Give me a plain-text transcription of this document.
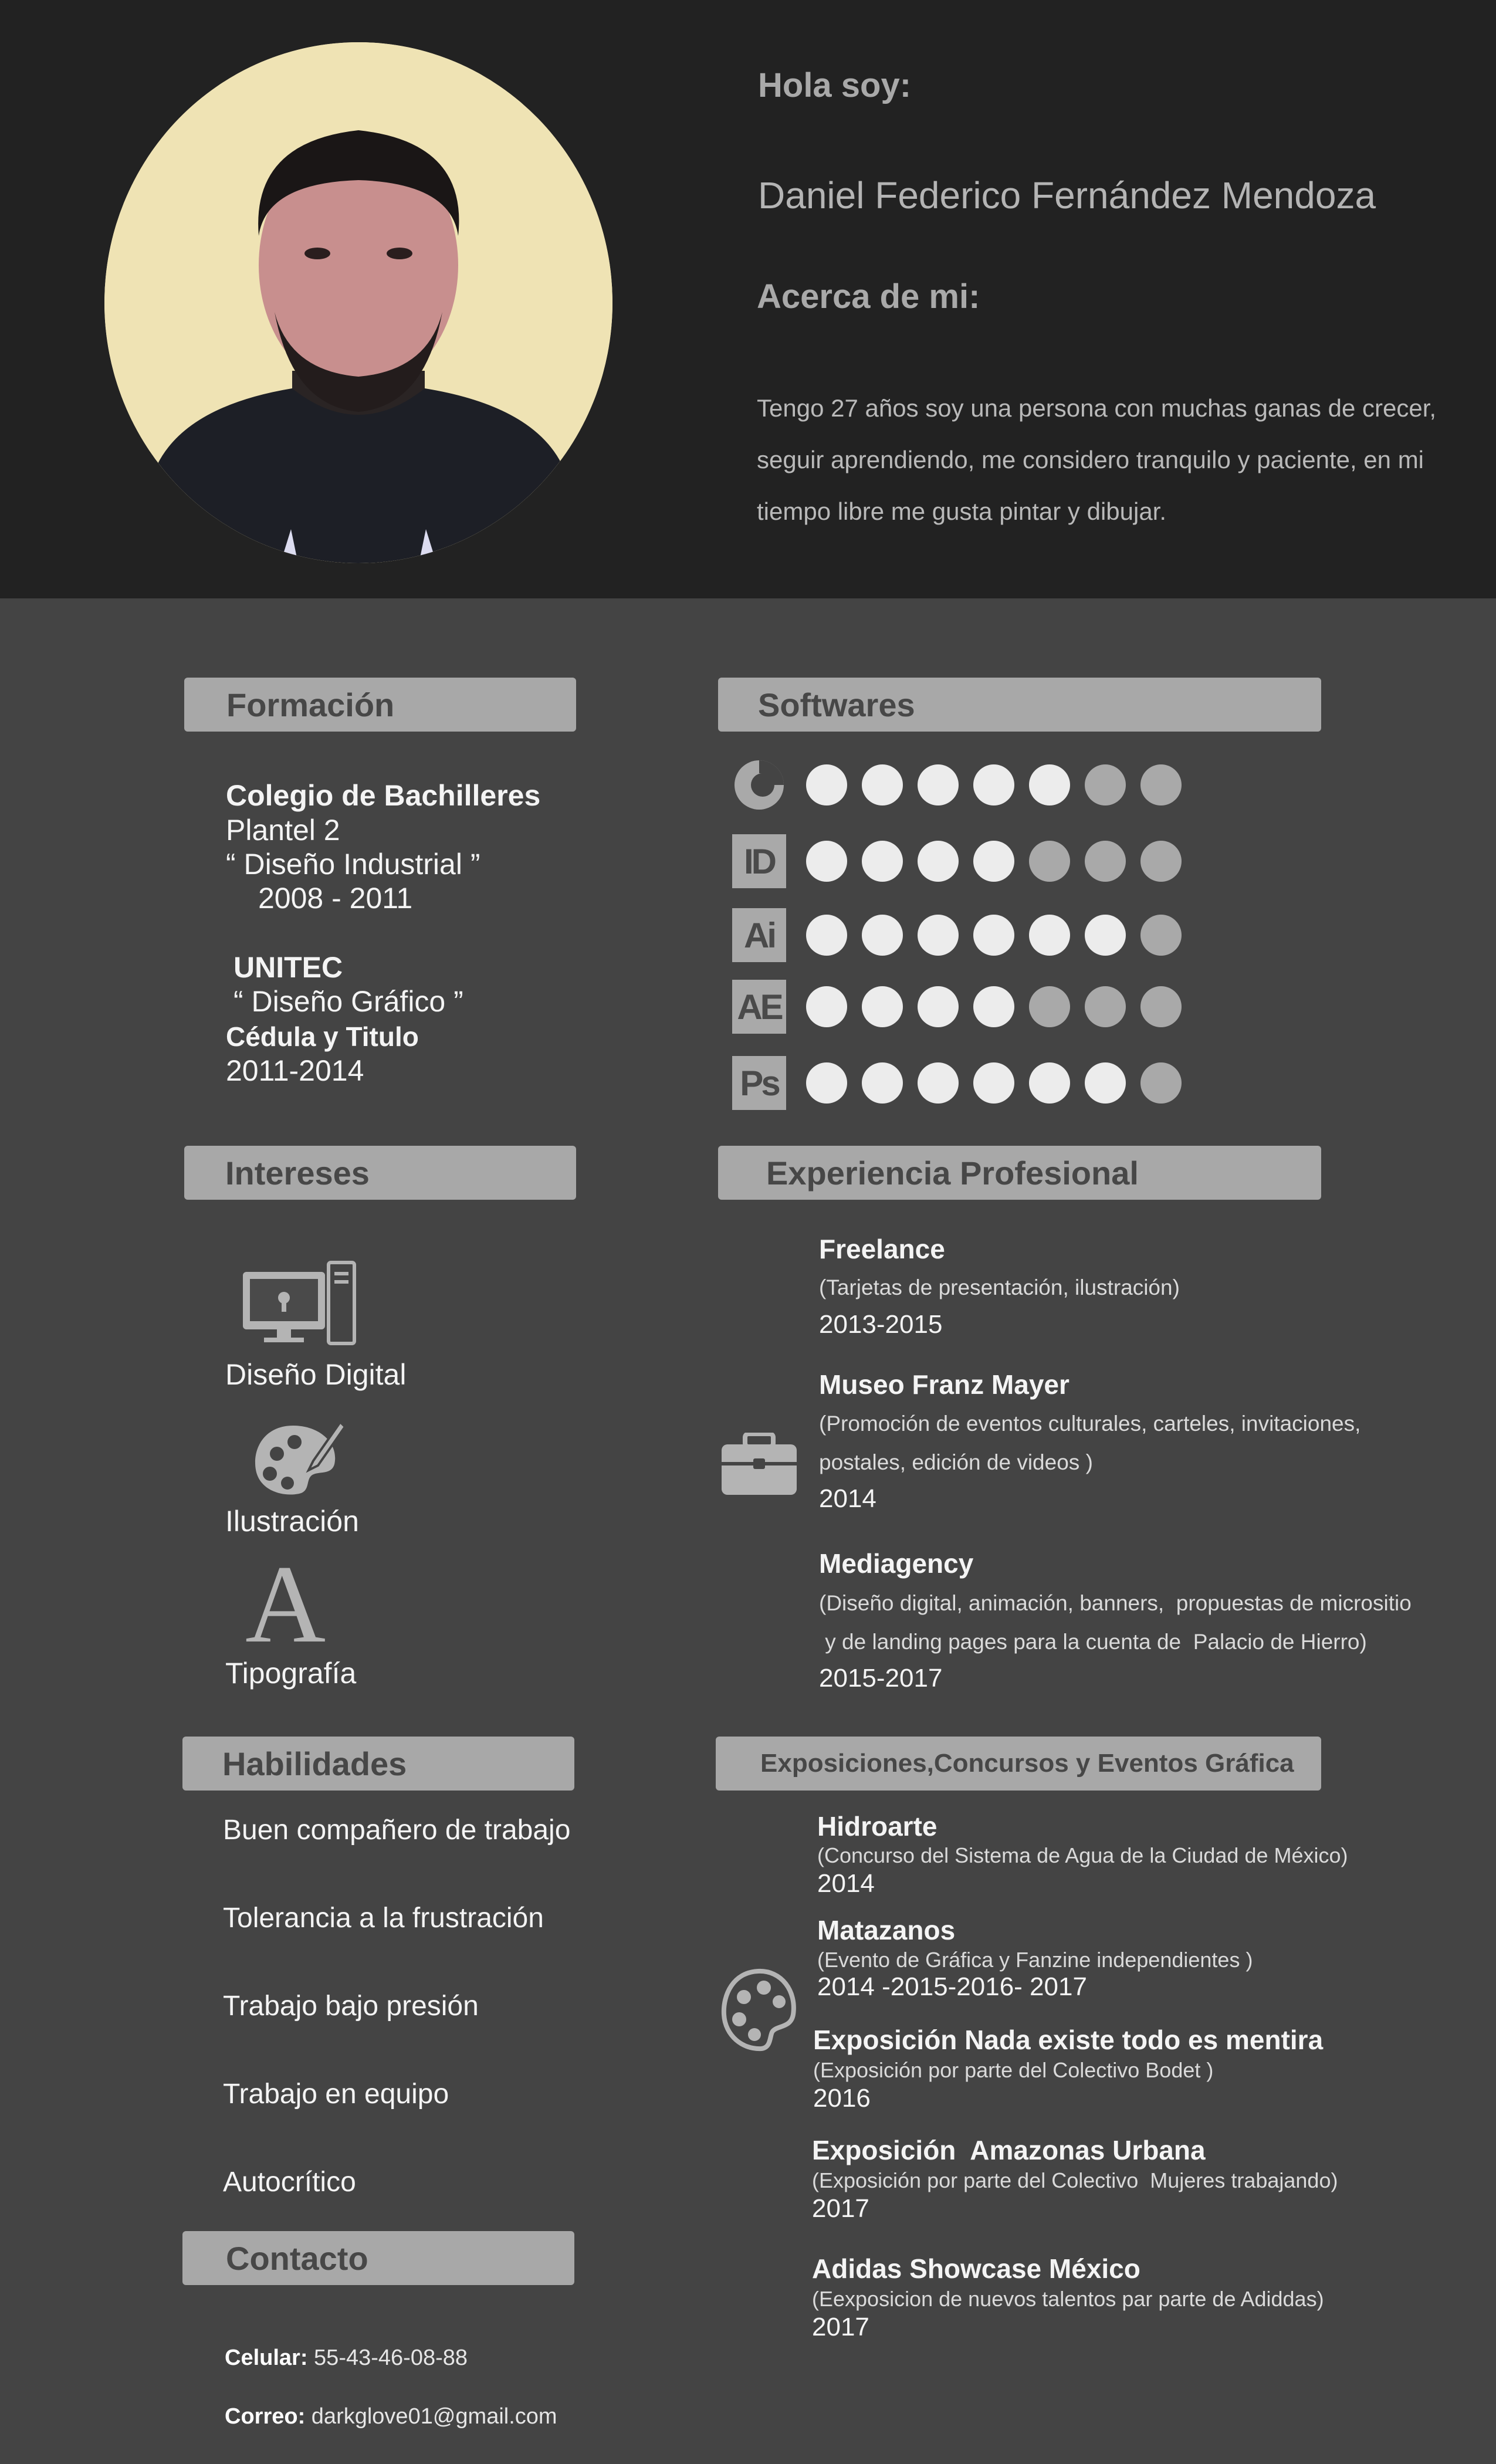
Hola soy:
Daniel Federico Fernández Mendoza
Acerca de mi:
Tengo 27 años soy una persona con muchas ganas de crecer, seguir aprendiendo, me considero tranquilo y paciente, en mi tiempo libre me gusta pintar y dibujar.
Formación
Colegio de Bachilleres
Plantel 2
“ Diseño Industrial ”
2008 - 2011
UNITEC
“ Diseño Gráfico ”
Cédula y Titulo
2011-2014
Softwares
ID
Ai
AE
Ps
Intereses
Diseño Digital
Ilustración
A
Tipografía
Experiencia Profesional
Freelance
(Tarjetas de presentación, ilustración)
2013-2015
Museo Franz Mayer
(Promoción de eventos culturales, carteles, invitaciones,
postales, edición de videos )
2014
Mediagency
(Diseño digital, animación, banners,  propuestas de micrositio
y de landing pages para la cuenta de  Palacio de Hierro)
2015-2017
Habilidades
Buen compañero de trabajo
Tolerancia a la frustración
Trabajo bajo presión
Trabajo en equipo
Autocrítico
Exposiciones,Concursos y Eventos Gráfica
Hidroarte
(Concurso del Sistema de Agua de la Ciudad de México)
2014
Matazanos
(Evento de Gráfica y Fanzine independientes )
2014 -2015-2016- 2017
Exposición Nada existe todo es mentira
(Exposición por parte del Colectivo Bodet )
2016
Exposición  Amazonas Urbana
(Exposición por parte del Colectivo  Mujeres trabajando)
2017
Adidas Showcase México
(Eexposicion de nuevos talentos par parte de Adiddas)
2017
Contacto
Celular: 55-43-46-08-88
Correo: darkglove01@gmail.com
